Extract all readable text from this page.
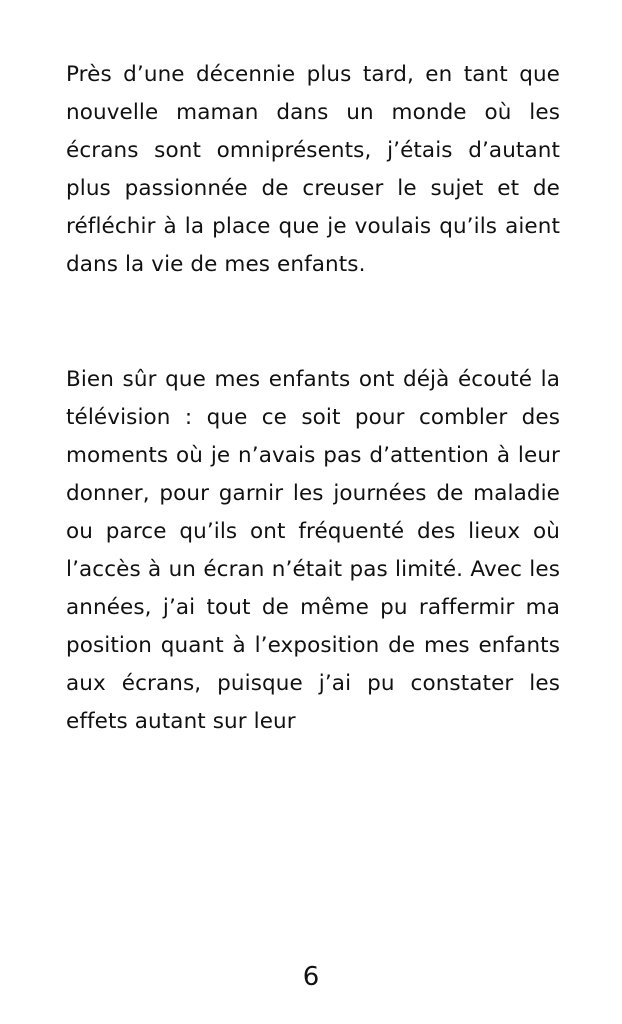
Près d’une décennie plus tard, en tant que nouvelle maman dans un monde où les écrans sont omniprésents, j’étais d’autant plus passionnée de creuser le sujet et de réfléchir à la place que je voulais qu’ils aient dans la vie de mes enfants.

Bien sûr que mes enfants ont déjà écouté la télévision : que ce soit pour combler des moments où je n’avais pas d’attention à leur donner, pour garnir les journées de maladie ou parce qu’ils ont fréquenté des lieux où l’accès à un écran n’était pas limité. Avec les années, j’ai tout de même pu raffermir ma position quant à l’exposition de mes enfants aux écrans, puisque j’ai pu constater les effets autant sur leur

6
